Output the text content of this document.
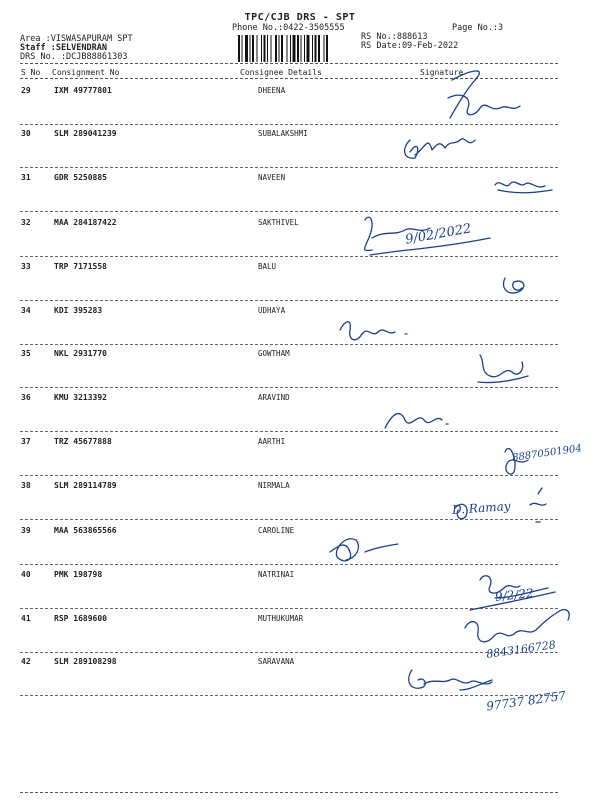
TPC/CJB DRS - SPT
Phone No.:0422-3505555	Page No.:3
Area :VISWASAPURAM SPT
Staff :SELVENDRAN
DRS No. :DCJB88861303
RS No.:888613
RS Date:09-Feb-2022
S No Consignment No	Consignee Details	Signature
29	IXM 49777801	DHEENA
30	SLM 289041239	SUBALAKSHMI
31	GDR 5250885	NAVEEN
32	MAA 284187422	SAKTHIVEL
33	TRP 7171558	BALU
34	KDI 395283	UDHAYA
35	NKL 2931770	GOWTHAM
36	KMU 3213392	ARAVIND
37	TRZ 45677888	AARTHI
38	SLM 289114789	NIRMALA
39	MAA 563865566	CAROLINE
40	PMK 198798	NATRINAI
41	RSP 1689600	MUTHUKUMAR
42	SLM 289108298	SARAVANA
9/02/2022
88870501904
D. Ramay
9/2/22
8843166728
97737 82757
